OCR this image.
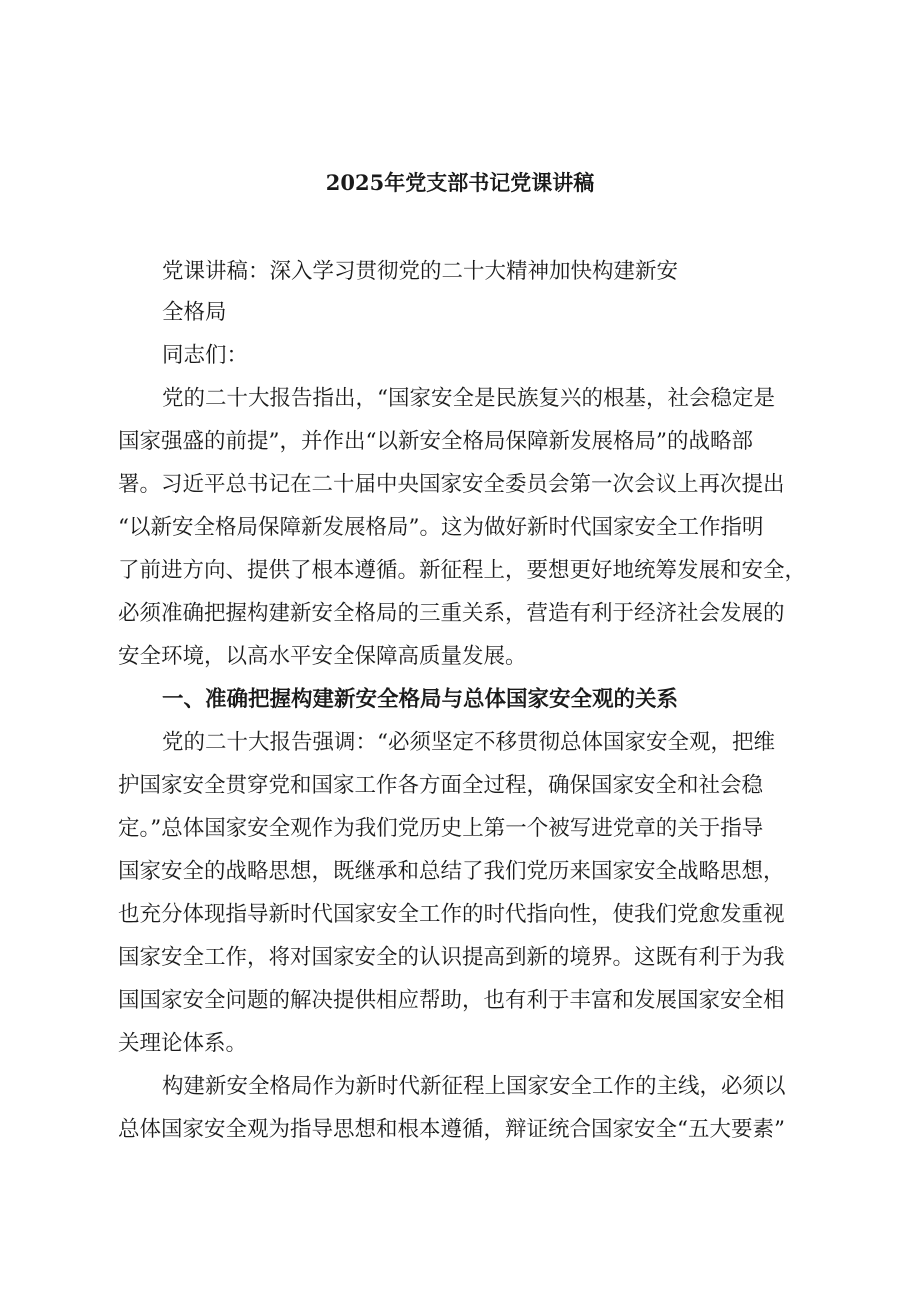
2025年党支部书记党课讲稿
党课讲稿：深入学习贯彻党的二十大精神加快构建新安
全格局
同志们：
党的二十大报告指出，“国家安全是民族复兴的根基，社会稳定是
国家强盛的前提”，并作出“以新安全格局保障新发展格局”的战略部
署。习近平总书记在二十届中央国家安全委员会第一次会议上再次提出
“以新安全格局保障新发展格局”。这为做好新时代国家安全工作指明
了前进方向、提供了根本遵循。新征程上，要想更好地统筹发展和安全，
必须准确把握构建新安全格局的三重关系，营造有利于经济社会发展的
安全环境，以高水平安全保障高质量发展。
一、准确把握构建新安全格局与总体国家安全观的关系
党的二十大报告强调：“必须坚定不移贯彻总体国家安全观，把维
护国家安全贯穿党和国家工作各方面全过程，确保国家安全和社会稳
定。”总体国家安全观作为我们党历史上第一个被写进党章的关于指导
国家安全的战略思想，既继承和总结了我们党历来国家安全战略思想，
也充分体现指导新时代国家安全工作的时代指向性，使我们党愈发重视
国家安全工作，将对国家安全的认识提高到新的境界。这既有利于为我
国国家安全问题的解决提供相应帮助，也有利于丰富和发展国家安全相
关理论体系。
构建新安全格局作为新时代新征程上国家安全工作的主线，必须以
总体国家安全观为指导思想和根本遵循，辩证统合国家安全“五大要素”
